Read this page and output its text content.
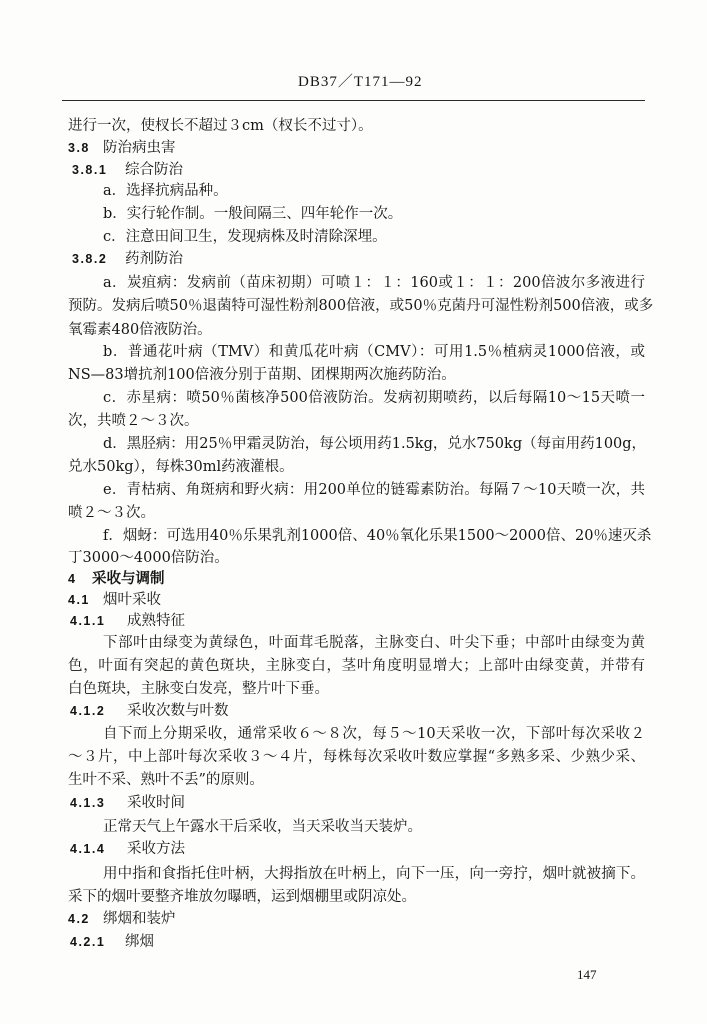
DB37／T171—92
进行一次，使杈长不超过３cm（杈长不过寸）。
3.8 防治病虫害
3.8.1 综合防治
a．选择抗病品种。
b．实行轮作制。一般间隔三、四年轮作一次。
c．注意田间卫生，发现病株及时清除深埋。
3.8.2 药剂防治
a．炭疽病：发病前（苗床初期）可喷１：１：160或１：１：200倍波尔多液进行
预防。发病后喷50％退菌特可湿性粉剂800倍液，或50％克菌丹可湿性粉剂500倍液，或多
氧霉素480倍液防治。
b．普通花叶病（TMV）和黄瓜花叶病（CMV）：可用1.5％植病灵1000倍液，或
NS—83增抗剂100倍液分别于苗期、团棵期两次施药防治。
c．赤星病：喷50％菌核净500倍液防治。发病初期喷药，以后每隔10～15天喷一
次，共喷２～３次。
d．黑胫病：用25％甲霜灵防治，每公顷用药1.5kg，兑水750kg（每亩用药100g，
兑水50kg），每株30ml药液灌根。
e．青枯病、角斑病和野火病：用200单位的链霉素防治。每隔７～10天喷一次，共
喷２～３次。
f．烟蚜：可选用40％乐果乳剂1000倍、40％氧化乐果1500～2000倍、20％速灭杀
丁3000～4000倍防治。
4 采收与调制
4.1 烟叶采收
4.1.1 成熟特征
下部叶由绿变为黄绿色，叶面茸毛脱落，主脉变白、叶尖下垂；中部叶由绿变为黄
色，叶面有突起的黄色斑块，主脉变白，茎叶角度明显增大；上部叶由绿变黄，并带有
白色斑块，主脉变白发亮，整片叶下垂。
4.1.2 采收次数与叶数
自下而上分期采收，通常采收６～８次，每５～10天采收一次，下部叶每次采收２
～３片，中上部叶每次采收３～４片，每株每次采收叶数应掌握“多熟多采、少熟少采、
生叶不采、熟叶不丢”的原则。
4.1.3 采收时间
正常天气上午露水干后采收，当天采收当天装炉。
4.1.4 采收方法
用中指和食指托住叶柄，大拇指放在叶柄上，向下一压，向一旁拧，烟叶就被摘下。
采下的烟叶要整齐堆放勿曝晒，运到烟棚里或阴凉处。
4.2 绑烟和装炉
4.2.1 绑烟
147
